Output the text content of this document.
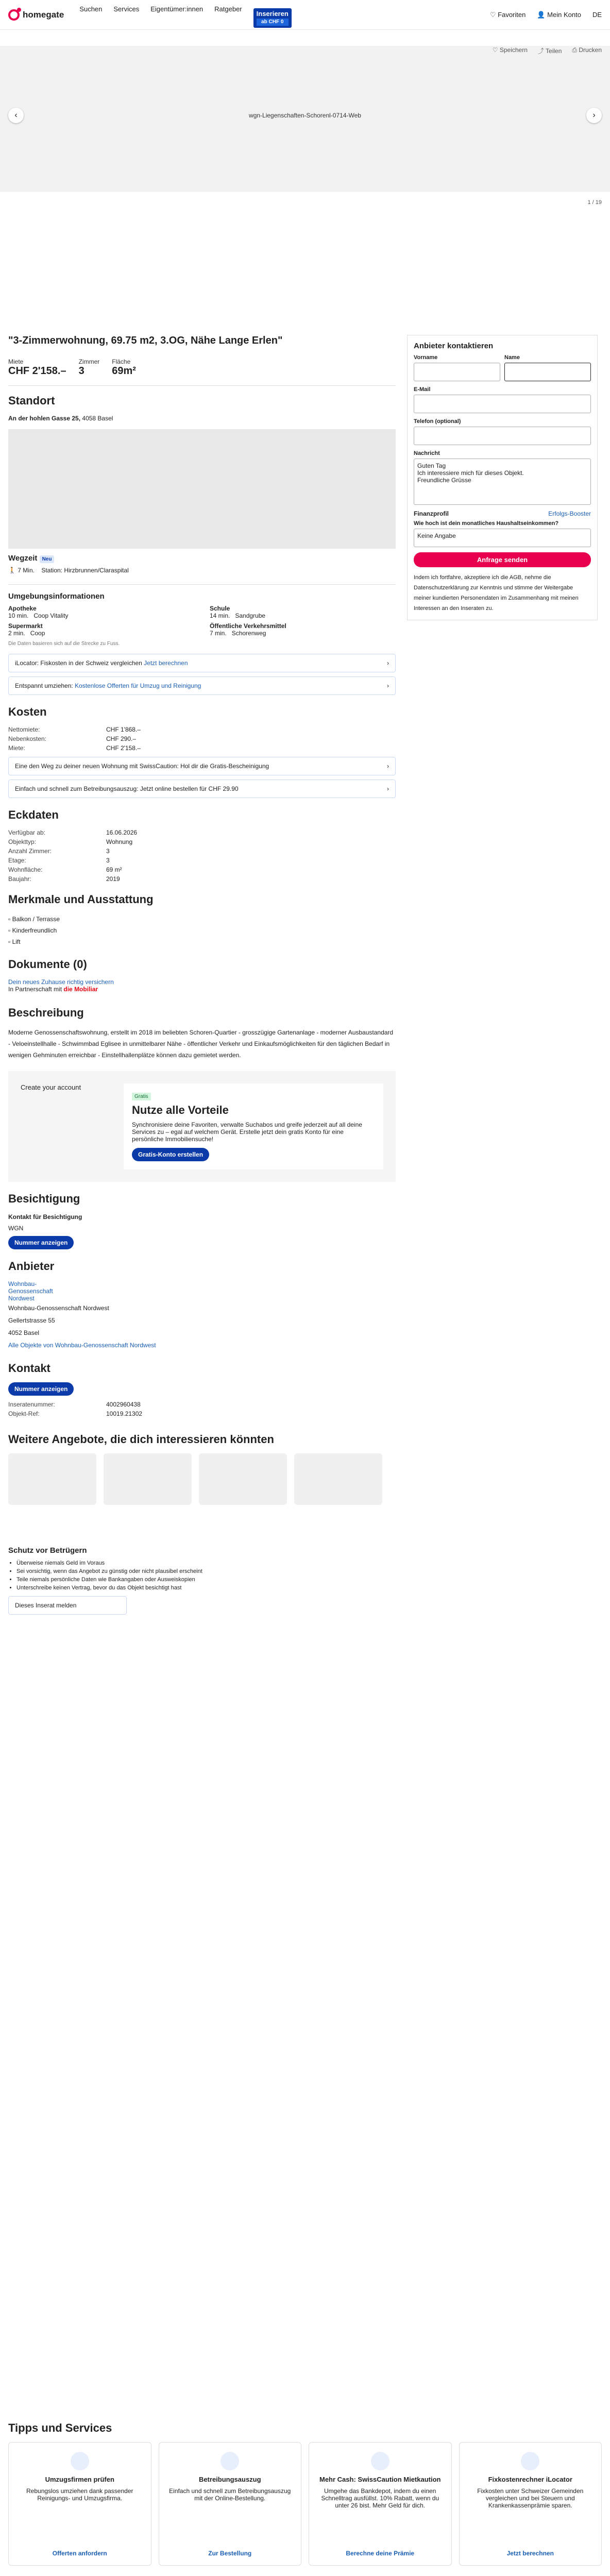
homegate
Suchen Services Eigentümer:innen Ratgeber
Inserieren
ab CHF 0
♡ Favoriten 👤 Mein Konto DE
wgn-Liegenschaften-Schorenl-0714-Web
‹	›
1 / 19
♡ Speichern ⤴ Teilen ⎙ Drucken
"3-Zimmerwohnung, 69.75 m2, 3.OG, Nähe Lange Erlen"
Miete
CHF 2'158.–
Zimmer
3
Fläche
69m²
Standort
An der hohlen Gasse 25, 4058 Basel
Wegzeit Neu
🚶 7 Min. Station: Hirzbrunnen/Claraspital
Umgebungsinformationen
Apotheke
10 min. Coop Vitality
Schule
14 min. Sandgrube
Supermarkt
2 min. Coop
Öffentliche Verkehrsmittel
7 min. Schorenweg
Die Daten basieren sich auf die Strecke zu Fuss.
iLocator: Fiskosten in der Schweiz vergleichen Jetzt berechnen	›
Entspannt umziehen: Kostenlose Offerten für Umzug und Reinigung	›
Kosten
Nettomiete:	CHF 1'868.–
Nebenkosten:	CHF 290.–
Miete:	CHF 2'158.–
Eine den Weg zu deiner neuen Wohnung mit SwissCaution: Hol dir die Gratis-Bescheinigung	›
Einfach und schnell zum Betreibungsauszug: Jetzt online bestellen für CHF 29.90	›
Eckdaten
Verfügbar ab:	16.06.2026
Objekttyp:	Wohnung
Anzahl Zimmer:	3
Etage:	3
Wohnfläche:	69 m²
Baujahr:	2019
Merkmale und Ausstattung
▫ Balkon / Terrasse
▫ Kinderfreundlich
▫ Lift
Dokumente (0)
Dein neues Zuhause richtig versichern
In Partnerschaft mit die Mobiliar
Beschreibung

Moderne Genossenschaftswohnung, erstellt im 2018 im beliebten Schoren-Quartier - grosszügige Gartenanlage - moderner Ausbaustandard - Veloeinstellhalle - Schwimmbad Eglisee in unmittelbarer Nähe - öffentlicher Verkehr und Einkaufsmöglichkeiten für den täglichen Bedarf in wenigen Gehminuten erreichbar - Einstellhallenplätze können dazu gemietet werden.

Create your account
Gratis
Nutze alle Vorteile

Synchronisiere deine Favoriten, verwalte Suchabos und greife jederzeit auf all deine Services zu – egal auf welchem Gerät. Erstelle jetzt dein gratis Konto für eine persönliche Immobiliensuche!

Gratis-Konto erstellen
Besichtigung
Kontakt für Besichtigung
WGN
Nummer anzeigen
Anbieter
Wohnbau-Genossenschaft Nordwest
Wohnbau-Genossenschaft Nordwest
Gellertstrasse 55
4052 Basel
Alle Objekte von Wohnbau-Genossenschaft Nordwest
Kontakt
Nummer anzeigen
Inseratenummer:	4002960438
Objekt-Ref:	10019.21302
Weitere Angebote, die dich interessieren könnten
Schutz vor Betrügern
• Überweise niemals Geld im Voraus
• Sei vorsichtig, wenn das Angebot zu günstig oder nicht plausibel erscheint
• Teile niemals persönliche Daten wie Bankangaben oder Ausweiskopien
• Unterschreibe keinen Vertrag, bevor du das Objekt besichtigt hast
Dieses Inserat melden
Anbieter kontaktieren
Vorname	Name
E-Mail
Telefon (optional)
Nachricht
Guten Tag
Ich interessiere mich für dieses Objekt.
Freundliche Grüsse
Finanzprofil	Erfolgs-Booster
Wie hoch ist dein monatliches Haushaltseinkommen?
Keine Angabe
Anfrage senden

Indem ich fortfahre, akzeptiere ich die AGB, nehme die Datenschutzerklärung zur Kenntnis und stimme der Weitergabe meiner kundierten Personendaten im Zusammenhang mit meinen Interessen an den Inseraten zu.

Tipps und Services
Umzugsfirmen prüfen
Rebungslos umziehen dank passender Reinigungs- und Umzugsfirma.
Offerten anfordern
Betreibungsauszug
Einfach und schnell zum Betreibungsauszug mit der Online-Bestellung.
Zur Bestellung
Mehr Cash: SwissCaution Mietkaution
Umgehe das Bankdepot, indem du einen Schnelltrag ausfüllst. 10% Rabatt, wenn du unter 26 bist. Mehr Geld für dich.
Berechne deine Prämie
Fixkostenrechner iLocator
Fixkosten unter Schweizer Gemeinden vergleichen und bei Steuern und Krankenkassenprämie sparen.
Jetzt berechnen
